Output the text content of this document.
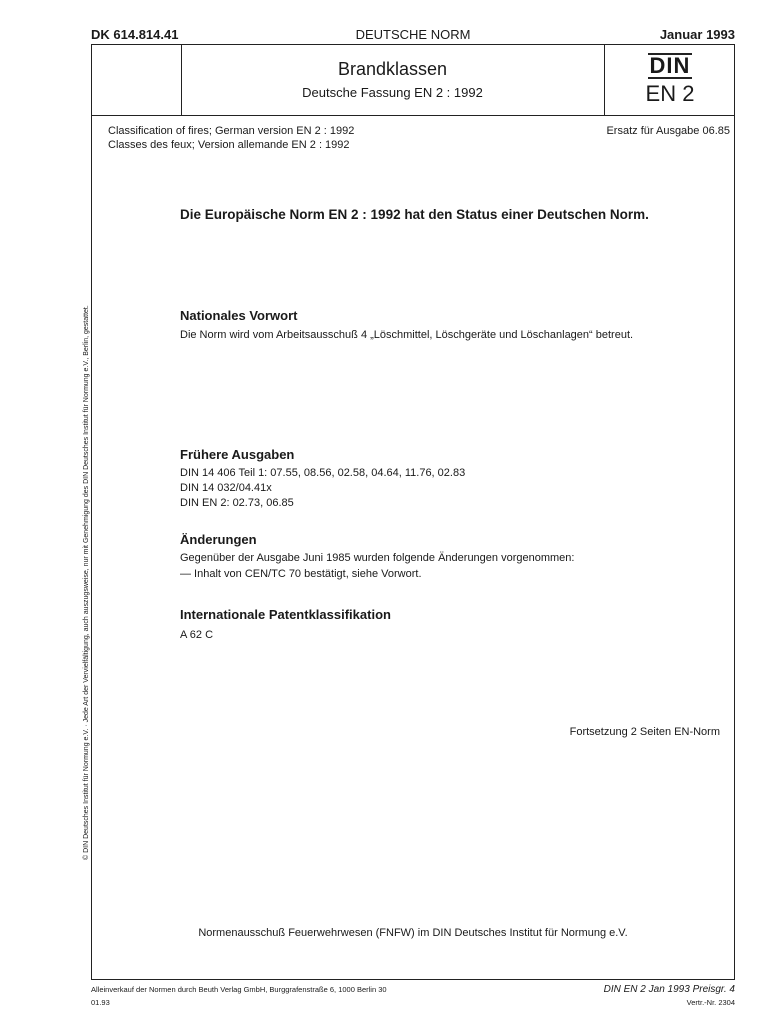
DK 614.814.41	DEUTSCHE NORM	Januar 1993
Brandklassen
Deutsche Fassung EN 2 : 1992
DIN
EN 2
Classification of fires; German version EN 2 : 1992
Classes des feux; Version allemande EN 2 : 1992
Ersatz für Ausgabe 06.85
Die Europäische Norm EN 2 : 1992 hat den Status einer Deutschen Norm.
Nationales Vorwort
Die Norm wird vom Arbeitsausschuß 4 „Löschmittel, Löschgeräte und Löschanlagen“ betreut.
Frühere Ausgaben
DIN 14 406 Teil 1: 07.55, 08.56, 02.58, 04.64, 11.76, 02.83
DIN 14 032/04.41x
DIN EN 2: 02.73, 06.85
Änderungen
Gegenüber der Ausgabe Juni 1985 wurden folgende Änderungen vorgenommen:
— Inhalt von CEN/TC 70 bestätigt, siehe Vorwort.
Internationale Patentklassifikation
A 62 C
Fortsetzung 2 Seiten EN-Norm
Normenausschuß Feuerwehrwesen (FNFW) im DIN Deutsches Institut für Normung e.V.
© DIN Deutsches Institut für Normung e.V. · Jede Art der Vervielfältigung, auch auszugsweise, nur mit Genehmigung des DIN Deutsches Institut für Normung e.V., Berlin, gestattet.
Alleinverkauf der Normen durch Beuth Verlag GmbH, Burggrafenstraße 6, 1000 Berlin 30
01.93
DIN EN 2 Jan 1993 Preisgr. 4
Vertr.-Nr. 2304
